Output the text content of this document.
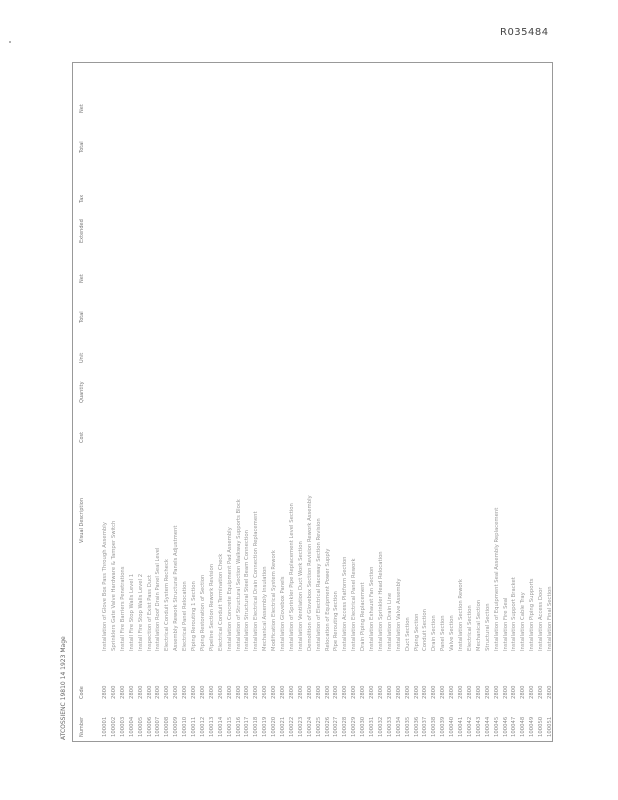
R035484
ATCOSSIENC 19810 14 1923 Mage Number
Code
Visual Description
Cost
Quantity
Unit
Total
Net
Extended
Tax
Total
Net
100001
2800
Installation of Glove Box Pass Through Assembly
100002
2600
Sprinklers Gate Valve Hardware & Tamper Switch
100003
2800
Install Fire Barriers Penetrations
100004
2800
Install Fire Stop Walls Level 1
100005
2800
Install Fire Stop Walls Level 2
100006
2800
Inspection of Exist Pass Duct
100007
2800
Installation Roof Drain Panel Seal Level
100008
2600
Electrical Conduit System Recheck
100009
2600
Assembly Rework Structural Panels Adjustment
100010
2800
Electrical Panel Relocation
100011
2800
Piping Rerouting 1 Section
100012
2800
Piping Restoration of Section
100013
2800
Pipeline Section Rework Revision
100014
2600
Electrical Conduit Termination Check
100015
2800
Installation Concrete Equipment Pad Assembly
100016
2800
Installation of Structural Section Walkway Supports Block
100017
2800
Installation Structural Steel Beam Connection
100018
2800
Installation Electrical Drain Connection Replacement
100019
2600
Mechanical Assembly Insulation
100020
2800
Modification Electrical System Rework
100021
2800
Installation Glovebox Panels
100022
2800
Installation of Sprinkler Pipe Replacement Level Section
100023
2800
Installation Ventilation Duct Work Section
100024
2800
Demolition of Glovebox Section Revision Rework Assembly
100025
2800
Installation of Electrical Raceway Section Revision
100026
2800
Relocation of Equipment Power Supply
100027
2800
Pipe Rerouting Section
100028
2800
Installation Access Platform Section
100029
2800
Installation Electrical Panel Rework
100030
2800
Drain Piping Replacement
100031
2800
Installation Exhaust Fan Section
100032
2800
Installation Sprinkler Head Relocation
100033
2800
Installation Drain Line
100034
2800
Installation Valve Assembly
100035
2800
Duct Section
100036
2800
Piping Section
100037
2800
Conduit Section
100038
2800
Drain Section
100039
2800
Panel Section
100040
2800
Valve Section
100041
2800
Installation Section Rework
100042
2800
Electrical Section
100043
2800
Mechanical Section
100044
2800
Structural Section
100045
2800
Installation of Equipment Seal Assembly Replacement
100046
2800
Installation Fire Seal
100047
2800
Installation Support Bracket
100048
2800
Installation Cable Tray
100049
2800
Installation Piping Supports
100050
2800
Installation Access Door
100051
2800
Installation Final Section
